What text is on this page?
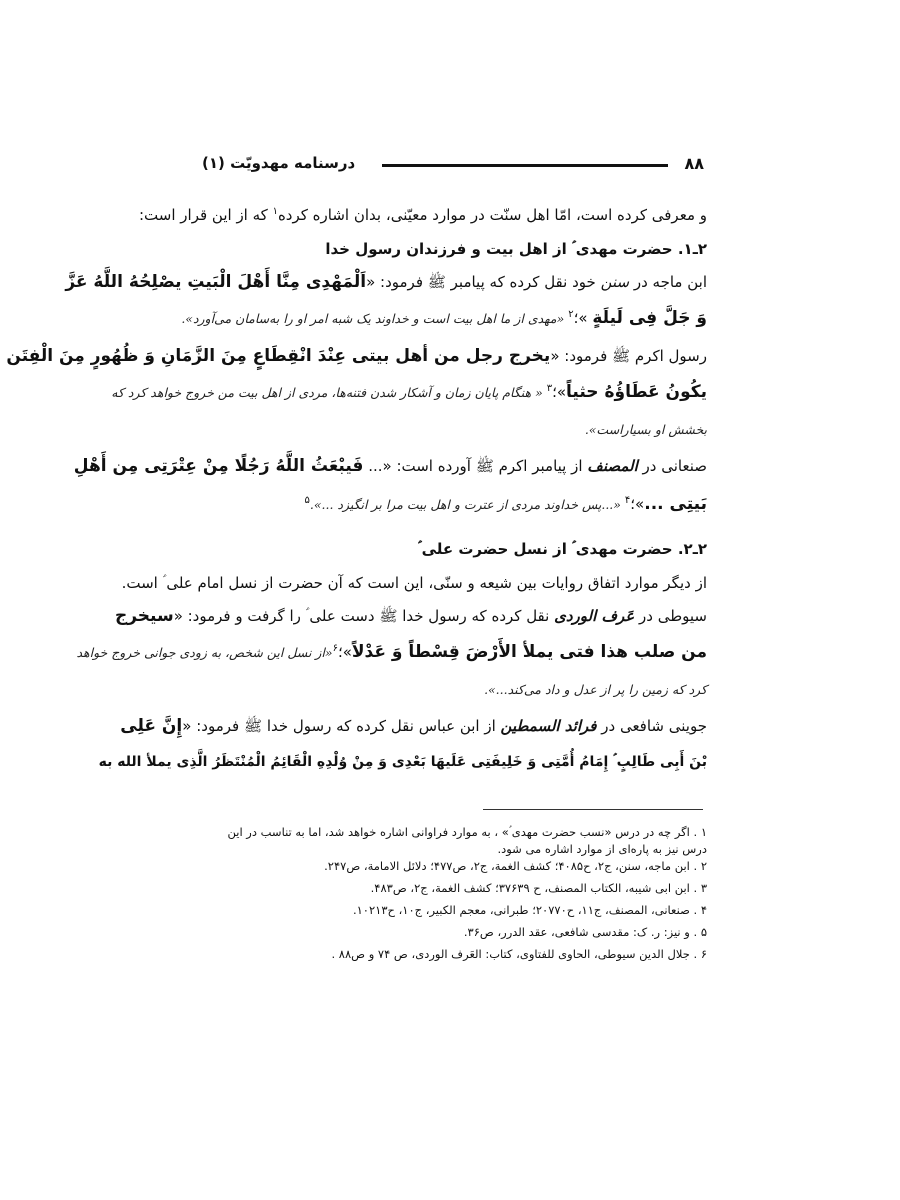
۸۸
درسنامه مهدویّت (۱)
و معرفی کرده است، امّا اهل سنّت در موارد معیّنی، بدان اشاره کرده$^۱$ که از این قرار است:
۲ـ۱. حضرت مهدی ؑ از اهل بیت و فرزندان رسول خدا
ابن ماجه در سنن خود نقل کرده که پیامبر ﷺ فرمود: «اَلْمَهْدِی مِنَّا أَهْلَ الْبَیتِ یصْلِحُهُ اللَّهُ عَزَّ
وَ جَلَّ فِی لَیلَةٍ »؛$^۲$ «مهدی از ما اهل بیت است و خداوند یک شبه امر او را به‌سامان می‌آورد».
رسول اکرم ﷺ فرمود: «یخرج رجل من أهل بیتی عِنْدَ انْقِطَاعٍ مِنَ الزَّمَانِ وَ ظُهُورٍ مِنَ الْفِتَن
یکُونُ عَطَاؤُهُ حثیاً»؛$^۳$ « هنگام پایان زمان و آشکار شدن فتنه‌ها، مردی از اهل بیت من خروج خواهد کرد که
بخشش او بسیاراست».
صنعانی در المصنف از پیامبر اکرم ﷺ آورده است: «... فَیبْعَثُ اللَّهُ رَجُلًا مِنْ عِتْرَتِی مِن أَهْلِ
بَیتِی ...»؛$^۴$ «...پس خداوند مردی از عترت و اهل بیت مرا بر انگیزد ...».$^۵$
۲ـ۲. حضرت مهدی ؑ از نسل حضرت علی ؑ
از دیگر موارد اتفاق روایات بین شیعه و سنّی، این است که آن حضرت از نسل امام علی ؑ است.
سیوطی در عَرف الوردی نقل کرده که رسول خدا ﷺ دست علی ؑ را گرفت و فرمود: «سیخرج
من صلب هذا فتی یملأ الأَرْضَ قِسْطاً وَ عَدْلاً»؛$^۶$«از نسل این شخص، به زودی جوانی خروج خواهد
کرد که زمین را پر از عدل و داد می‌کند...».
جوینی شافعی در فرائد السمطین از ابن عباس نقل کرده که رسول خدا ﷺ فرمود: «إِنَّ عَلِی
بْنَ أَبِی طَالِبٍ ؑ إِمَامُ أُمَّتِی وَ خَلِیفَتِی عَلَیهَا بَعْدِی وَ مِنْ وُلْدِهِ الْقَائِمُ الْمُنْتَظَرُ الَّذِی یملأ الله به
۱ . اگر چه در درس «نسب حضرت مهدی ؑ» ، به موارد فراوانی اشاره خواهد شد، اما به تناسب در این درس نیز به پاره‌ای از موارد اشاره می شود.
۲ . ابن ماجه، سنن، ج۲، ح۴۰۸۵؛ کشف الغمة، ج۲، ص۴۷۷؛ دلائل الامامة، ص۲۴۷.
۳ . ابن ابی شیبه، الکتاب المصنف، ح ۳۷۶۳۹؛ کشف الغمة، ج۲، ص۴۸۳.
۴ . صنعانی، المصنف، ج۱۱، ح۲۰۷۷۰؛ طبرانی، معجم الکبیر، ج۱۰، ح۱۰۲۱۳.
۵ . و نیز: ر. ک: مقدسی شافعی، عقد الدرر، ص۳۶.
۶ . جلال الدین سیوطی، الحاوی للفتاوی، کتاب: العَرف الوردی، ص ۷۴ و ص۸۸ .
